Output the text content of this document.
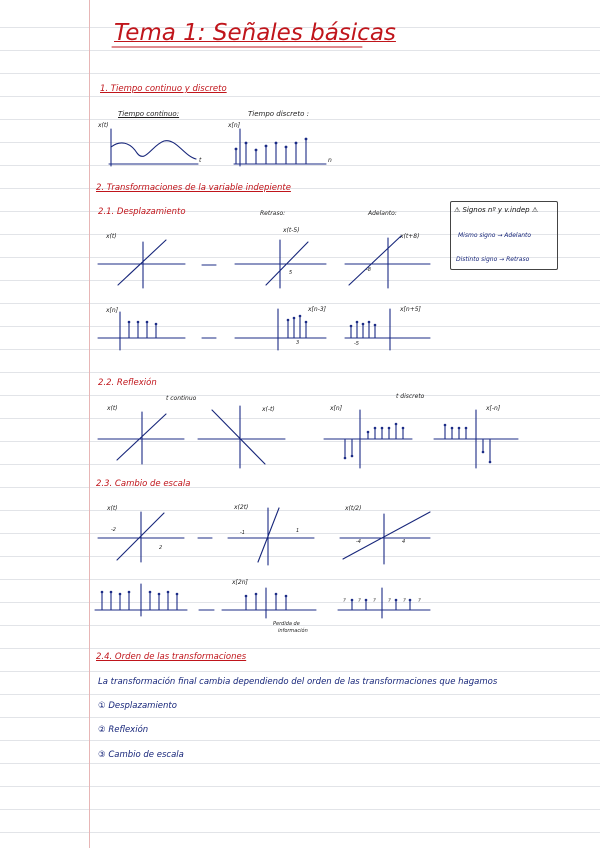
Tema 1: Señales básicas
1. Tiempo continuo y discreto
Tiempo continuo:	Tiempo discreto :
x(t)	x[n]
t	n
2. Transformaciones de la variable indepiente
2.1. Desplazamiento	Retraso:	Adelanto:	⚠ Signos nº y v.indep ⚠
Mismo signo → Adelanto
Distinto signo → Retraso
x(t)
x(t-5)
x(t+8)
5	-8
x[n]	x[n-3]	x[n+5]
3	-5
2.2. Reflexión
t continuo	t discreto
x(t)	x(-t)	x[n]	x[-n]
2.3. Cambio de escala
x(t)	x(2t)	x(t/2)
-2
2
-1	1
-4	4
x[2n]
Perdida de
información
? ? ? ? ? ?
2.4. Orden de las transformaciones
La transformación final cambia dependiendo del orden de las transformaciones que hagamos
① Desplazamiento
② Reflexión
③ Cambio de escala
